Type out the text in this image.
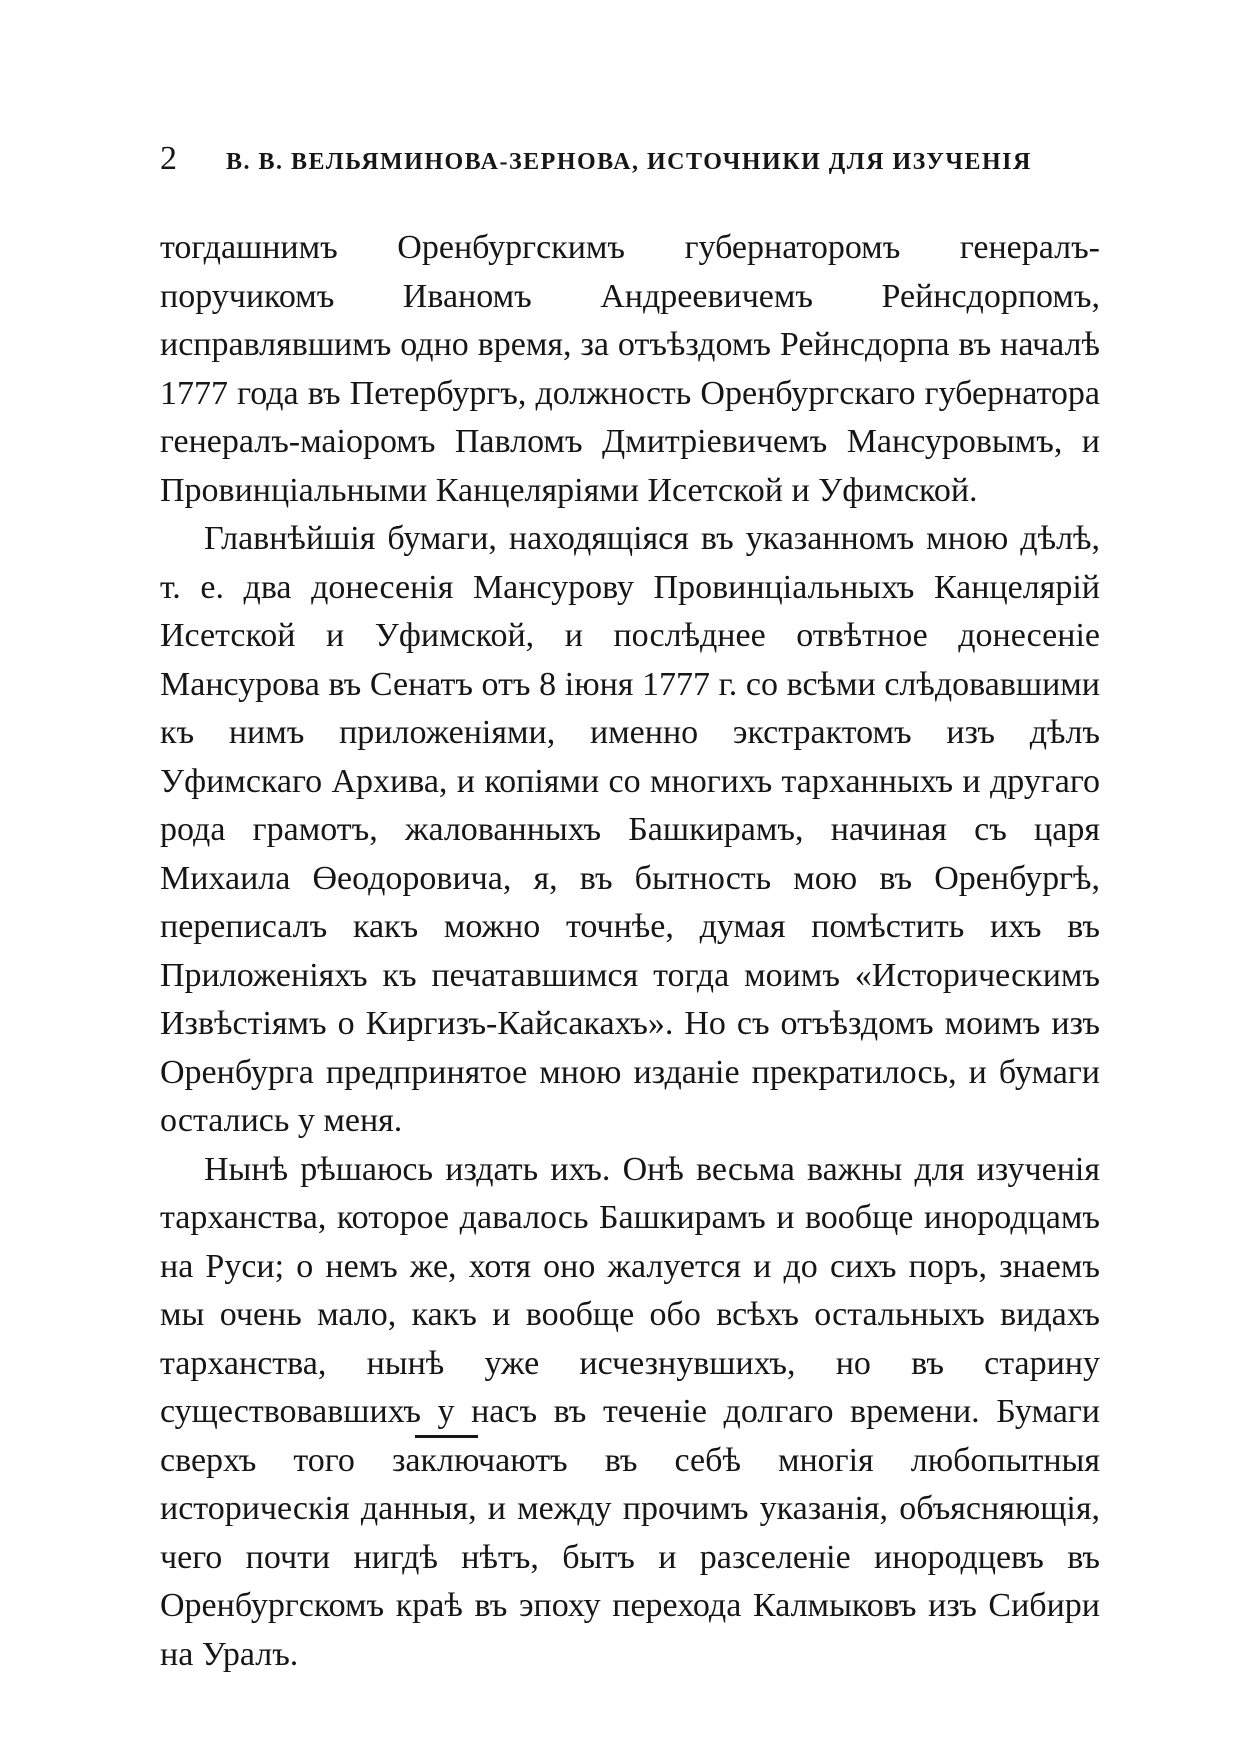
2	В. В. ВЕЛЬЯМИНОВА-ЗЕРНОВА, ИСТОЧНИКИ ДЛЯ ИЗУЧЕНІЯ

тогдашнимъ Оренбургскимъ губернаторомъ генералъ-поручикомъ Иваномъ Андреевичемъ Рейнсдорпомъ, исправлявшимъ одно время, за отъѣздомъ Рейнсдорпа въ началѣ 1777 года въ Петербургъ, должность Оренбургскаго губернатора генералъ-маіоромъ Павломъ Дмитріевичемъ Мансуровымъ, и Провинціальными Канцеляріями Исетской и Уфимской.

Главнѣйшія бумаги, находящіяся въ указанномъ мною дѣлѣ, т. е. два донесенія Мансурову Провинціальныхъ Канцелярій Исетской и Уфимской, и послѣднее отвѣтное донесеніе Мансурова въ Сенатъ отъ 8 іюня 1777 г. со всѣми слѣдовавшими къ нимъ приложеніями, именно экстрактомъ изъ дѣлъ Уфимскаго Архива, и копіями со многихъ тарханныхъ и другаго рода грамотъ, жалованныхъ Башкирамъ, начиная съ царя Михаила Өеодоровича, я, въ бытность мою въ Оренбургѣ, переписалъ какъ можно точнѣе, думая помѣстить ихъ въ Приложеніяхъ къ печатавшимся тогда моимъ «Историческимъ Извѣстіямъ о Киргизъ-Кайсакахъ». Но съ отъѣздомъ моимъ изъ Оренбурга предпринятое мною изданіе прекратилось, и бумаги остались у меня.

Нынѣ рѣшаюсь издать ихъ. Онѣ весьма важны для изученія тарханства, которое давалось Башкирамъ и вообще инородцамъ на Руси; о немъ же, хотя оно жалуется и до сихъ поръ, знаемъ мы очень мало, какъ и вообще обо всѣхъ остальныхъ видахъ тарханства, нынѣ уже исчезнувшихъ, но въ старину существовавшихъ у насъ въ теченіе долгаго времени. Бумаги сверхъ того заключаютъ въ себѣ многія любопытныя историческія данныя, и между прочимъ указанія, объясняющія, чего почти нигдѣ нѣтъ, бытъ и разселеніе инородцевъ въ Оренбургскомъ краѣ въ эпоху перехода Калмыковъ изъ Сибири на Уралъ.
